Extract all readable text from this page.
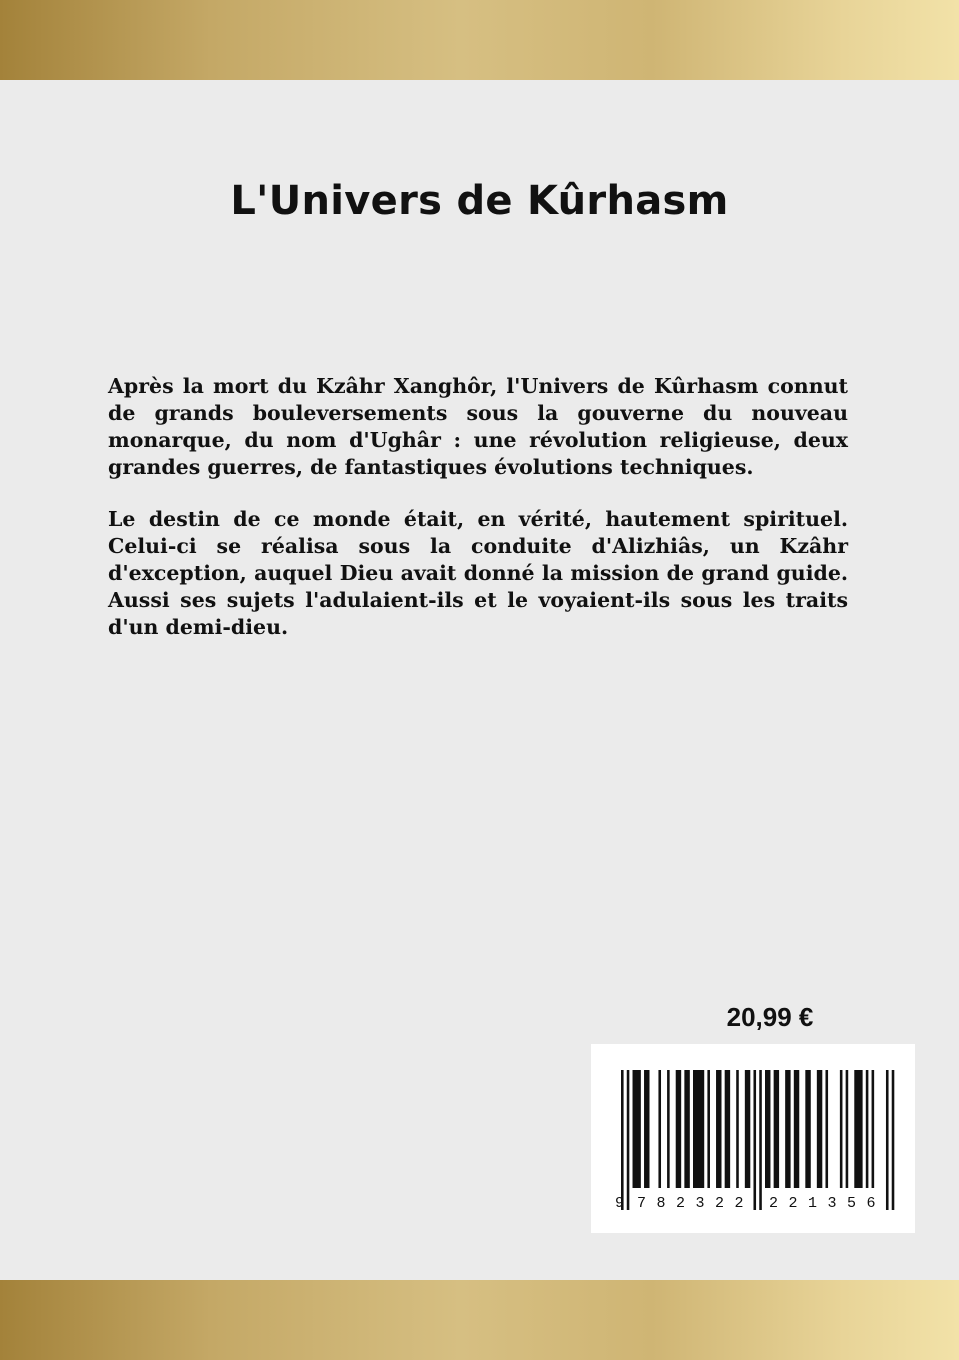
L'Univers de Kûrhasm

Après la mort du Kzâhr Xanghôr, l'Univers de Kûrhasm connut de grands bouleversements sous la gouverne du nouveau monarque, du nom d'Ughâr : une révolution religieuse, deux grandes guerres, de fantastiques évolutions techniques.

Le destin de ce monde était, en vérité, hautement spirituel. Celui-ci se réalisa sous la conduite d'Alizhiâs, un Kzâhr d'exception, auquel Dieu avait donné la mission de grand guide. Aussi ses sujets l'adulaient-ils et le voyaient-ils sous les traits d'un demi-dieu.

20,99 €
9 782322 221356
